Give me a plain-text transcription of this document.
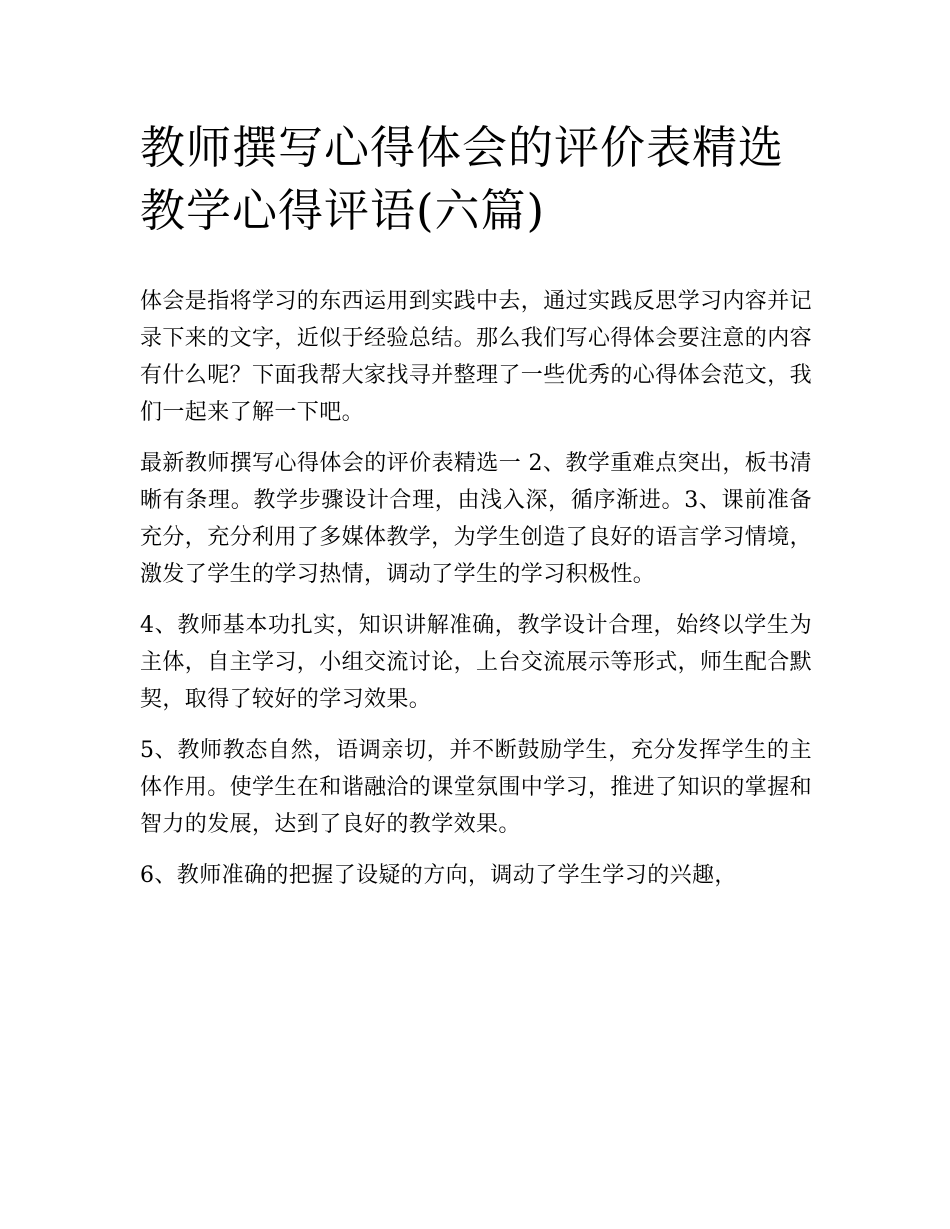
教师撰写心得体会的评价表精选 教学心得评语(六篇)

体会是指将学习的东西运用到实践中去，通过实践反思学习内容并记录下来的文字，近似于经验总结。那么我们写心得体会要注意的内容有什么呢？下面我帮大家找寻并整理了一些优秀的心得体会范文，我们一起来了解一下吧。

最新教师撰写心得体会的评价表精选一 2、教学重难点突出，板书清晰有条理。教学步骤设计合理，由浅入深，循序渐进。3、课前准备充分，充分利用了多媒体教学，为学生创造了良好的语言学习情境，激发了学生的学习热情，调动了学生的学习积极性。

4、教师基本功扎实，知识讲解准确，教学设计合理，始终以学生为主体，自主学习，小组交流讨论，上台交流展示等形式，师生配合默契，取得了较好的学习效果。

5、教师教态自然，语调亲切，并不断鼓励学生，充分发挥学生的主体作用。使学生在和谐融洽的课堂氛围中学习，推进了知识的掌握和智力的发展，达到了良好的教学效果。

6、教师准确的把握了设疑的方向，调动了学生学习的兴趣，
